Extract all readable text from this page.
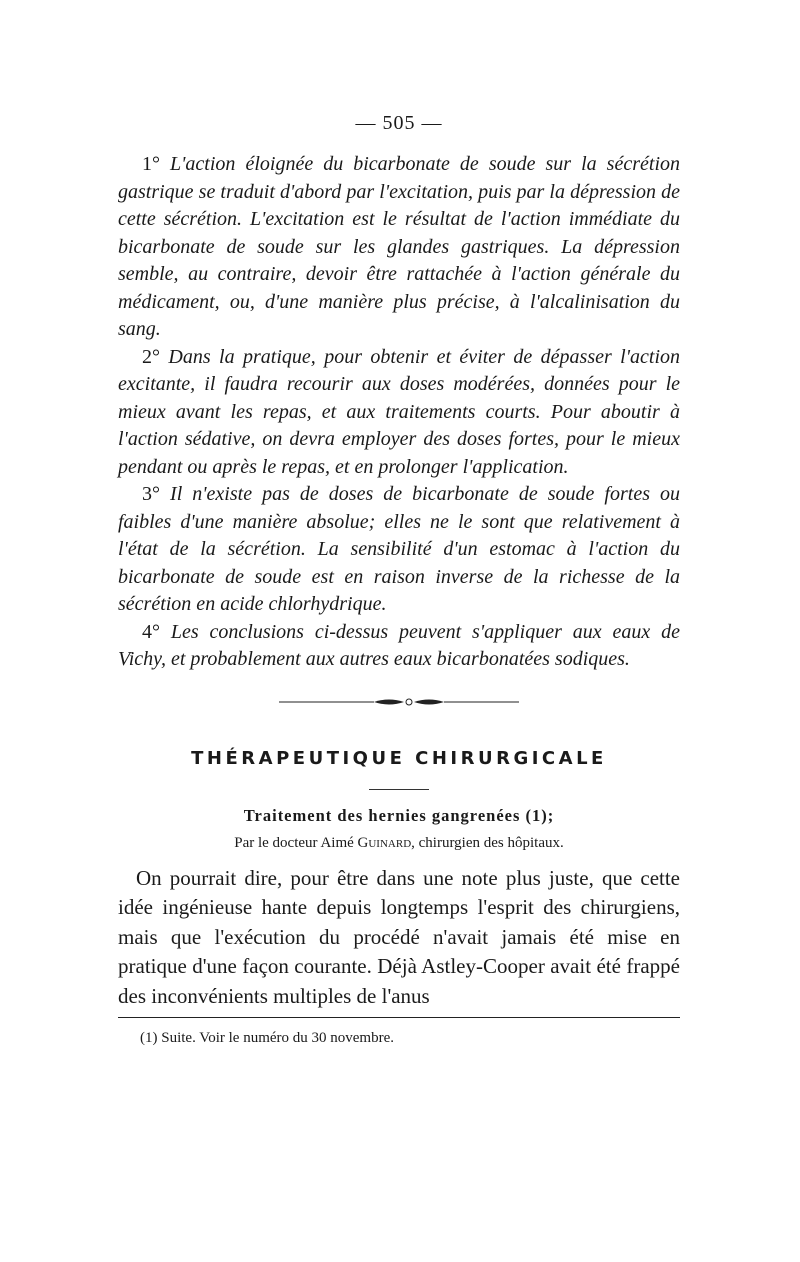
— 505 —

1° L'action éloignée du bicarbonate de soude sur la sécrétion gastrique se traduit d'abord par l'excitation, puis par la dépression de cette sécrétion. L'excitation est le résultat de l'action immédiate du bicarbonate de soude sur les glandes gastriques. La dépression semble, au contraire, devoir être rattachée à l'action générale du médicament, ou, d'une manière plus précise, à l'alcalinisation du sang.

2° Dans la pratique, pour obtenir et éviter de dépasser l'action excitante, il faudra recourir aux doses modérées, données pour le mieux avant les repas, et aux traitements courts. Pour aboutir à l'action sédative, on devra employer des doses fortes, pour le mieux pendant ou après le repas, et en prolonger l'application.

3° Il n'existe pas de doses de bicarbonate de soude fortes ou faibles d'une manière absolue; elles ne le sont que relativement à l'état de la sécrétion. La sensibilité d'un estomac à l'action du bicarbonate de soude est en raison inverse de la richesse de la sécrétion en acide chlorhydrique.

4° Les conclusions ci-dessus peuvent s'appliquer aux eaux de Vichy, et probablement aux autres eaux bicarbonatées sodiques.

THÉRAPEUTIQUE CHIRURGICALE
Traitement des hernies gangrenées (1);
Par le docteur Aimé Guinard, chirurgien des hôpitaux.

On pourrait dire, pour être dans une note plus juste, que cette idée ingénieuse hante depuis longtemps l'esprit des chirurgiens, mais que l'exécution du procédé n'avait jamais été mise en pratique d'une façon courante. Déjà Astley-Cooper avait été frappé des inconvénients multiples de l'anus

(1) Suite. Voir le numéro du 30 novembre.
